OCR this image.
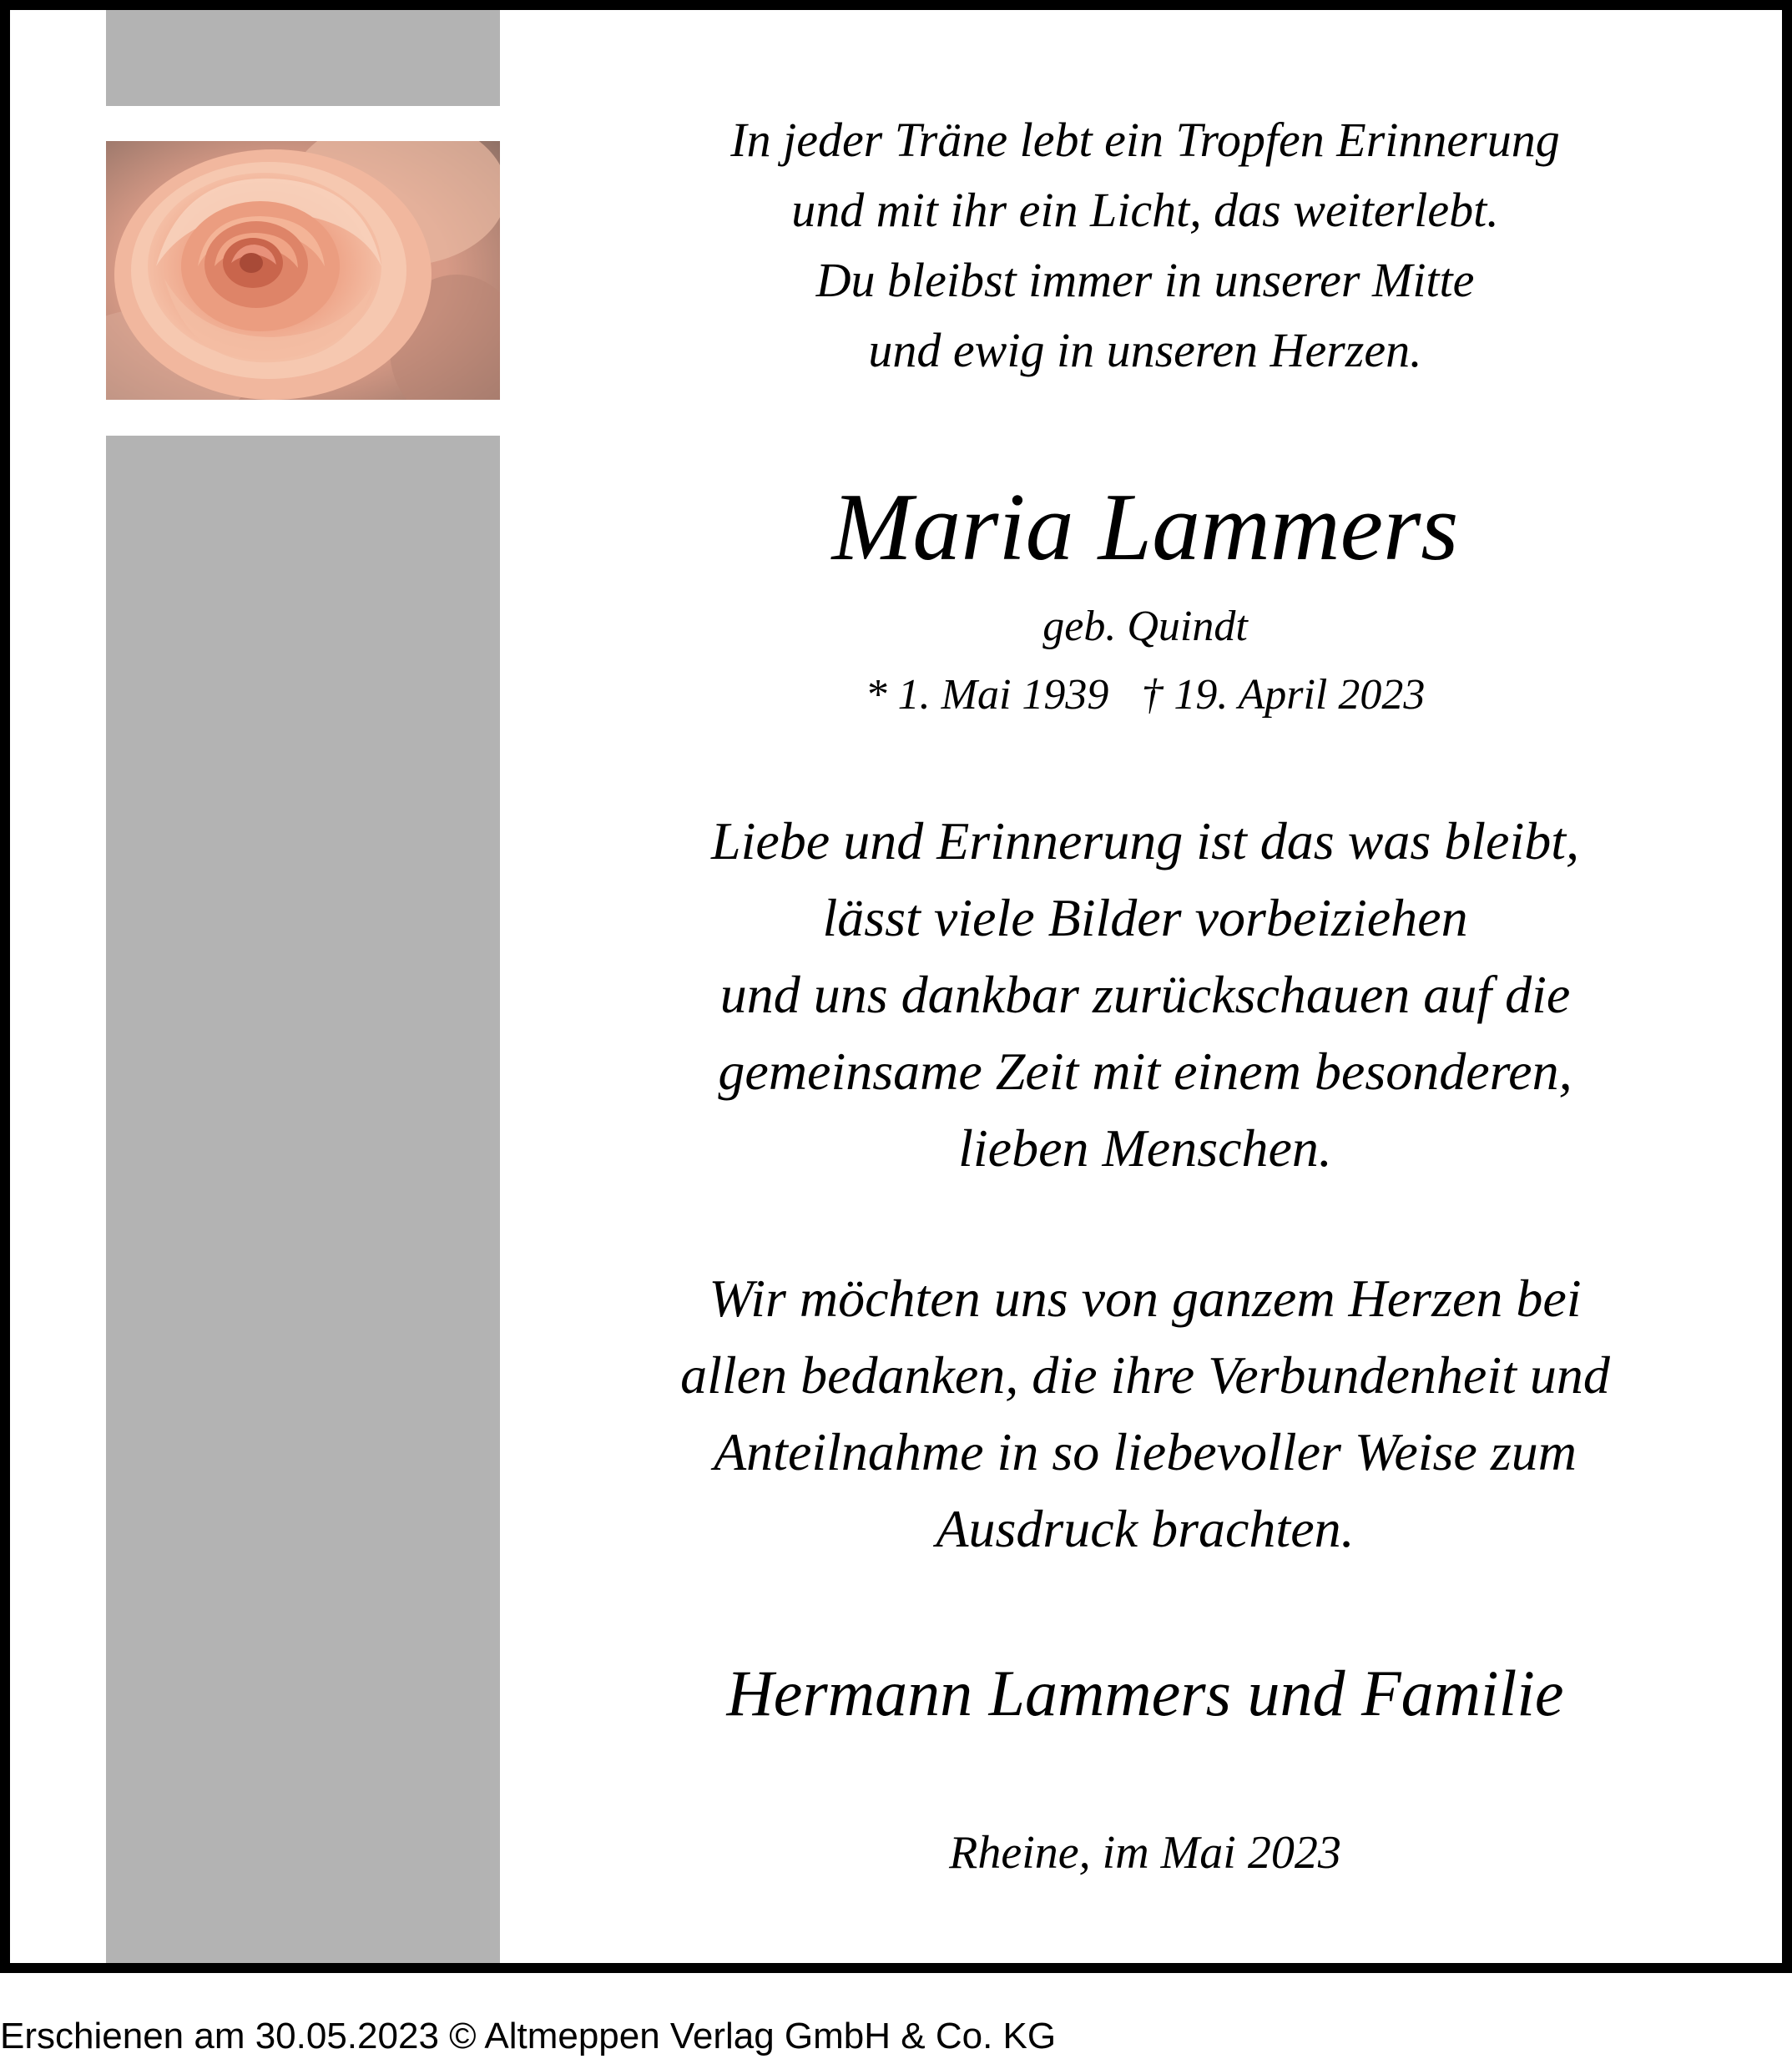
In jeder Träne lebt ein Tropfen Erinnerung
und mit ihr ein Licht, das weiterlebt.
Du bleibst immer in unserer Mitte
und ewig in unseren Herzen.
Maria Lammers
geb. Quindt
* 1. Mai 1939 † 19. April 2023
Liebe und Erinnerung ist das was bleibt,
lässt viele Bilder vorbeiziehen
und uns dankbar zurückschauen auf die
gemeinsame Zeit mit einem besonderen,
lieben Menschen.
Wir möchten uns von ganzem Herzen bei
allen bedanken, die ihre Verbundenheit und
Anteilnahme in so liebevoller Weise zum
Ausdruck brachten.
Hermann Lammers und Familie
Rheine, im Mai 2023
Erschienen am 30.05.2023 © Altmeppen Verlag GmbH & Co. KG
